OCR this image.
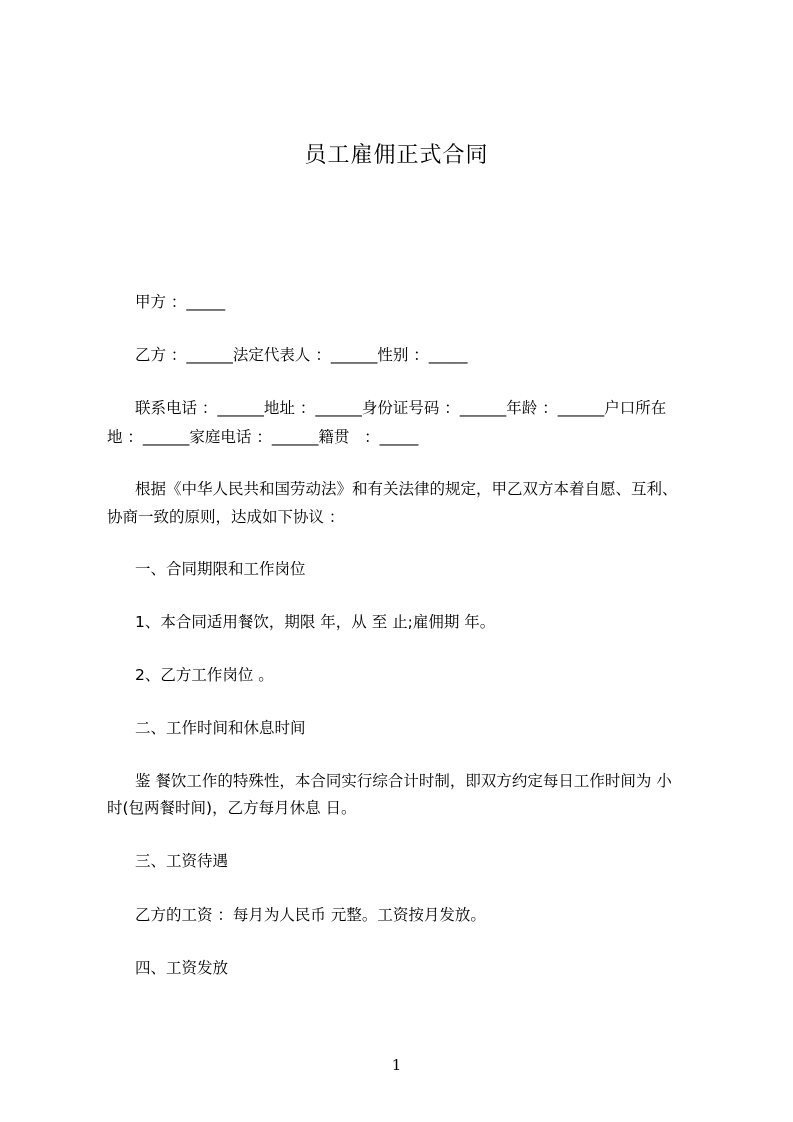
员工雇佣正式合同
甲方 ：_____
乙方 ：______法定代表人 ：______性别 ：_____
联系电话 ：______地址 ：______身份证号码 ：______年龄 ：______户口所在
地 ：______家庭电话 ：______籍贯   ：_____
根据《中华人民共和国劳动法》和有关法律的规定，甲乙双方本着自愿、互利、
协商一致的原则，达成如下协议 ：
一、合同期限和工作岗位
1、本合同适用餐饮，期限 年，从 至 止;雇佣期 年。
2、乙方工作岗位 。
二、工作时间和休息时间
鉴 餐饮工作的特殊性，本合同实行综合计时制，即双方约定每日工作时间为 小
时(包两餐时间)，乙方每月休息 日。
三、工资待遇
乙方的工资 ：每月为人民币 元整。工资按月发放。
四、工资发放
1
